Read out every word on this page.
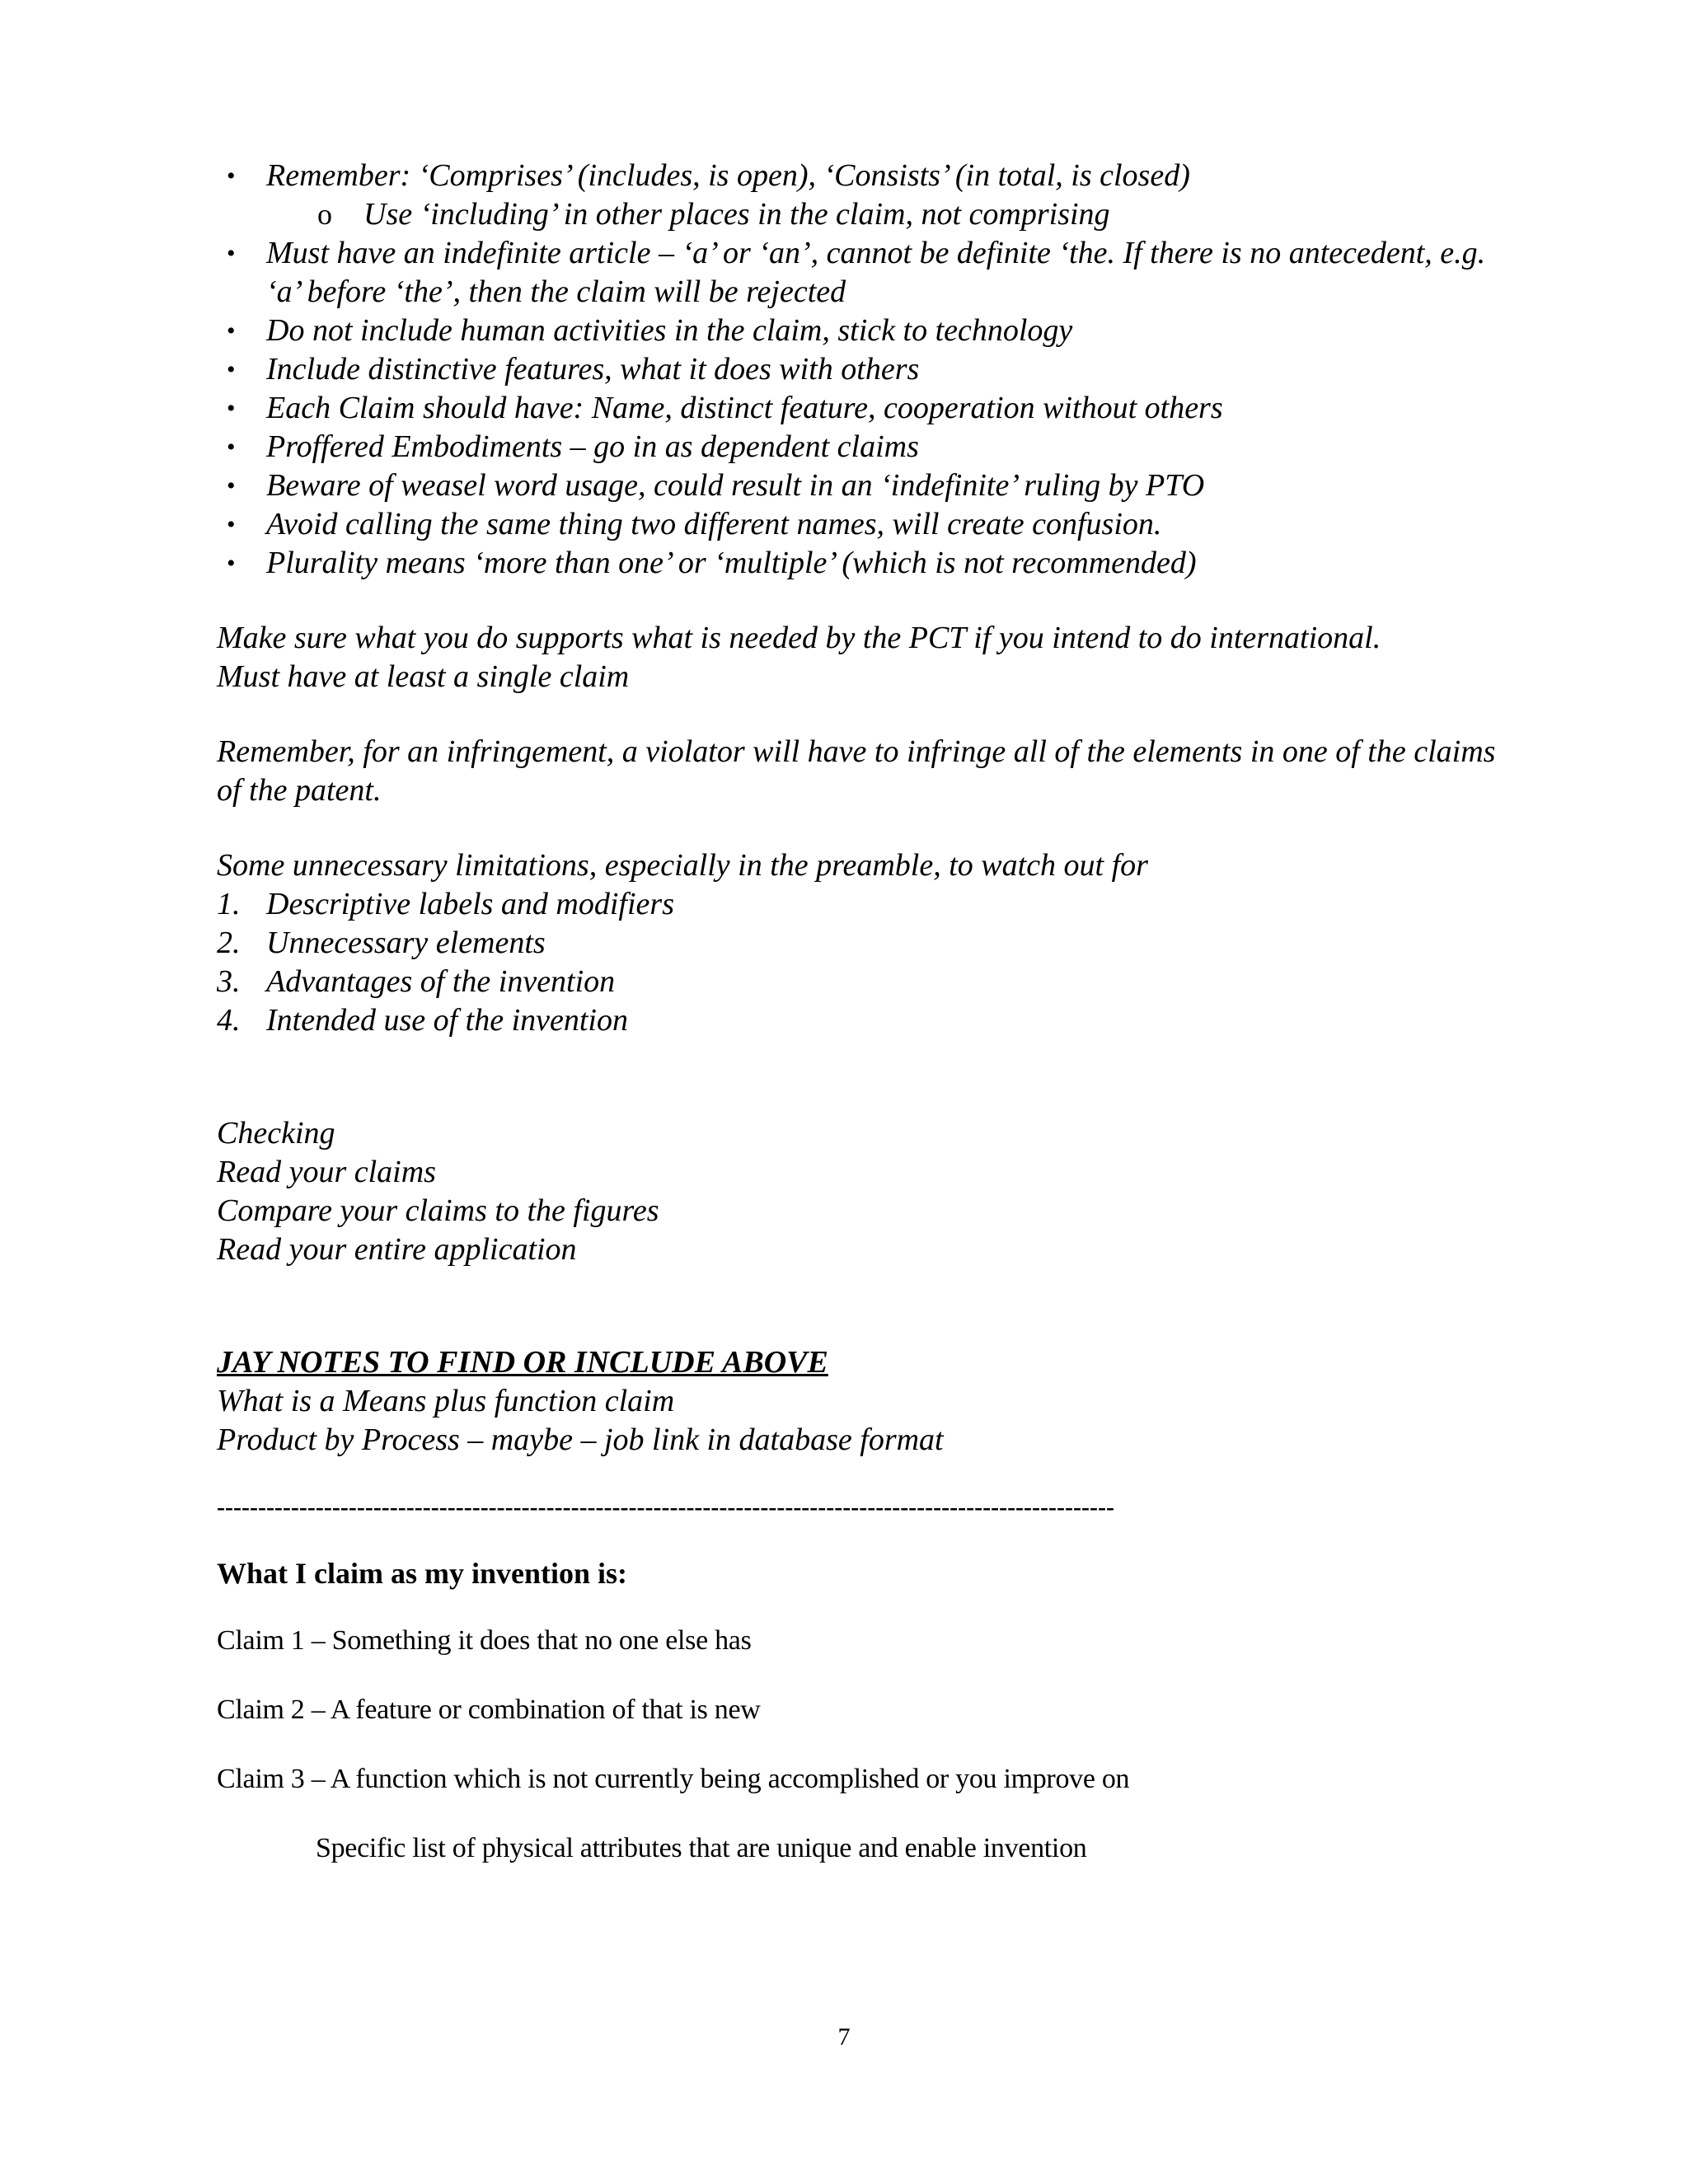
• Remember: ‘Comprises’ (includes, is open), ‘Consists’ (in total, is closed)
o Use ‘including’ in other places in the claim, not comprising
• Must have an indefinite article – ‘a’ or ‘an’, cannot be definite ‘the. If there is no antecedent, e.g. ‘a’ before ‘the’, then the claim will be rejected
• Do not include human activities in the claim, stick to technology
• Include distinctive features, what it does with others
• Each Claim should have: Name, distinct feature, cooperation without others
• Proffered Embodiments – go in as dependent claims
• Beware of weasel word usage, could result in an ‘indefinite’ ruling by PTO
• Avoid calling the same thing two different names, will create confusion.
• Plurality means ‘more than one’ or ‘multiple’ (which is not recommended)

Make sure what you do supports what is needed by the PCT if you intend to do international.

Must have at least a single claim

Remember, for an infringement, a violator will have to infringe all of the elements in one of the claims of the patent.

Some unnecessary limitations, especially in the preamble, to watch out for

1. Descriptive labels and modifiers
2. Unnecessary elements
3. Advantages of the invention
4. Intended use of the invention

Checking

Read your claims

Compare your claims to the figures

Read your entire application

JAY NOTES TO FIND OR INCLUDE ABOVE

What is a Means plus function claim

Product by Process – maybe – job link in database format

-------------------------------------------------------------------------------------------------------------

What I claim as my invention is:

Claim 1 – Something it does that no one else has

Claim 2 – A feature or combination of that is new

Claim 3 – A function which is not currently being accomplished or you improve on

Specific list of physical attributes that are unique and enable invention

7
